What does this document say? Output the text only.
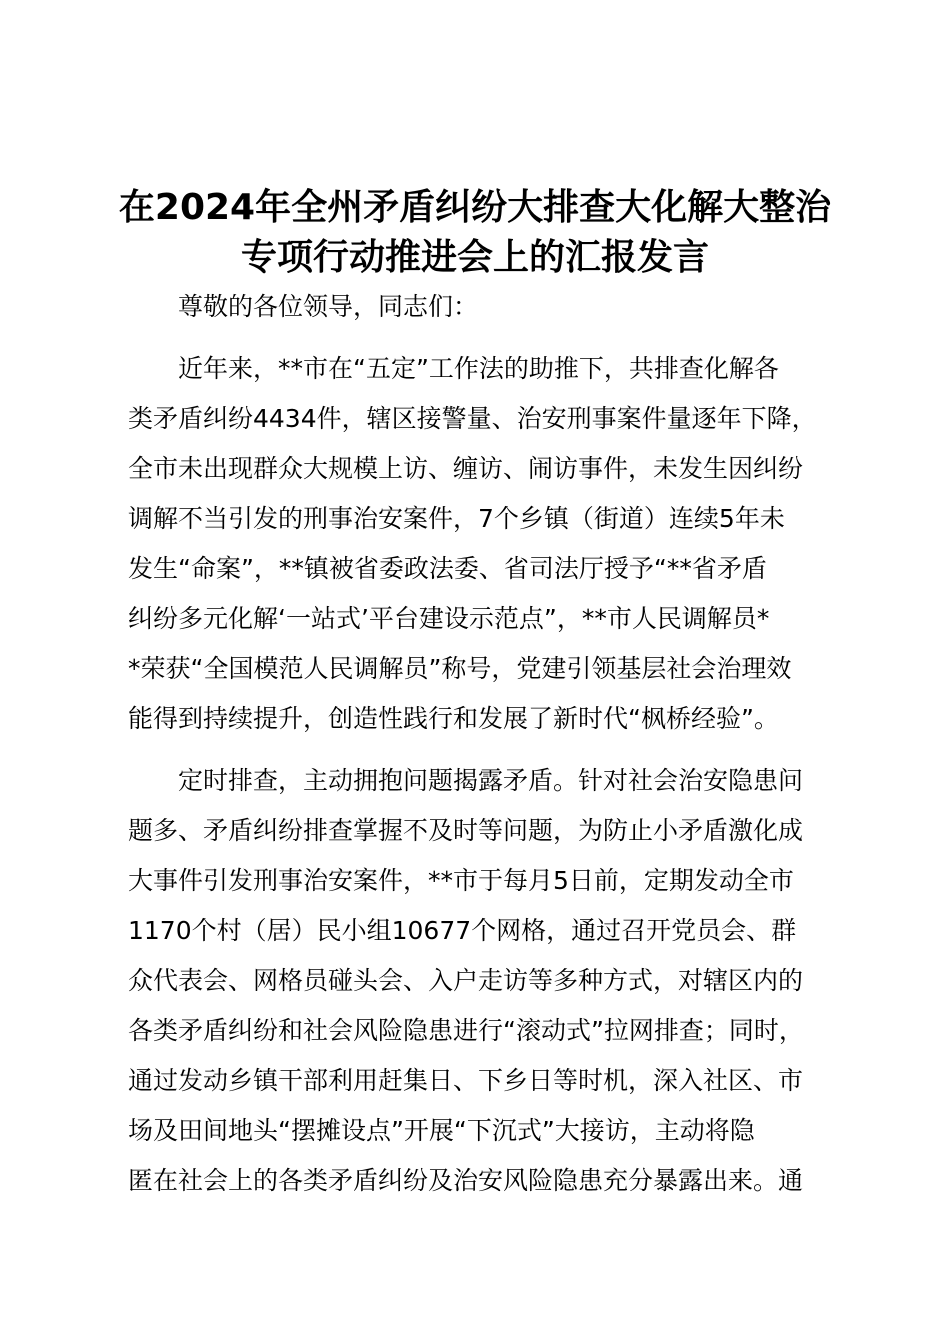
在2024年全州矛盾纠纷大排查大化解大整治
专项行动推进会上的汇报发言
尊敬的各位领导，同志们：
近年来，**市在“五定”工作法的助推下，共排查化解各
类矛盾纠纷4434件，辖区接警量、治安刑事案件量逐年下降，
全市未出现群众大规模上访、缠访、闹访事件，未发生因纠纷
调解不当引发的刑事治安案件，7个乡镇（街道）连续5年未
发生“命案”，**镇被省委政法委、省司法厅授予“**省矛盾
纠纷多元化解‘一站式’平台建设示范点”，**市人民调解员*
*荣获“全国模范人民调解员”称号，党建引领基层社会治理效
能得到持续提升，创造性践行和发展了新时代“枫桥经验”。
定时排查，主动拥抱问题揭露矛盾。针对社会治安隐患问
题多、矛盾纠纷排查掌握不及时等问题，为防止小矛盾激化成
大事件引发刑事治安案件，**市于每月5日前，定期发动全市
1170个村（居）民小组10677个网格，通过召开党员会、群
众代表会、网格员碰头会、入户走访等多种方式，对辖区内的
各类矛盾纠纷和社会风险隐患进行“滚动式”拉网排查；同时，
通过发动乡镇干部利用赶集日、下乡日等时机，深入社区、市
场及田间地头“摆摊设点”开展“下沉式”大接访，主动将隐
匿在社会上的各类矛盾纠纷及治安风险隐患充分暴露出来。通
